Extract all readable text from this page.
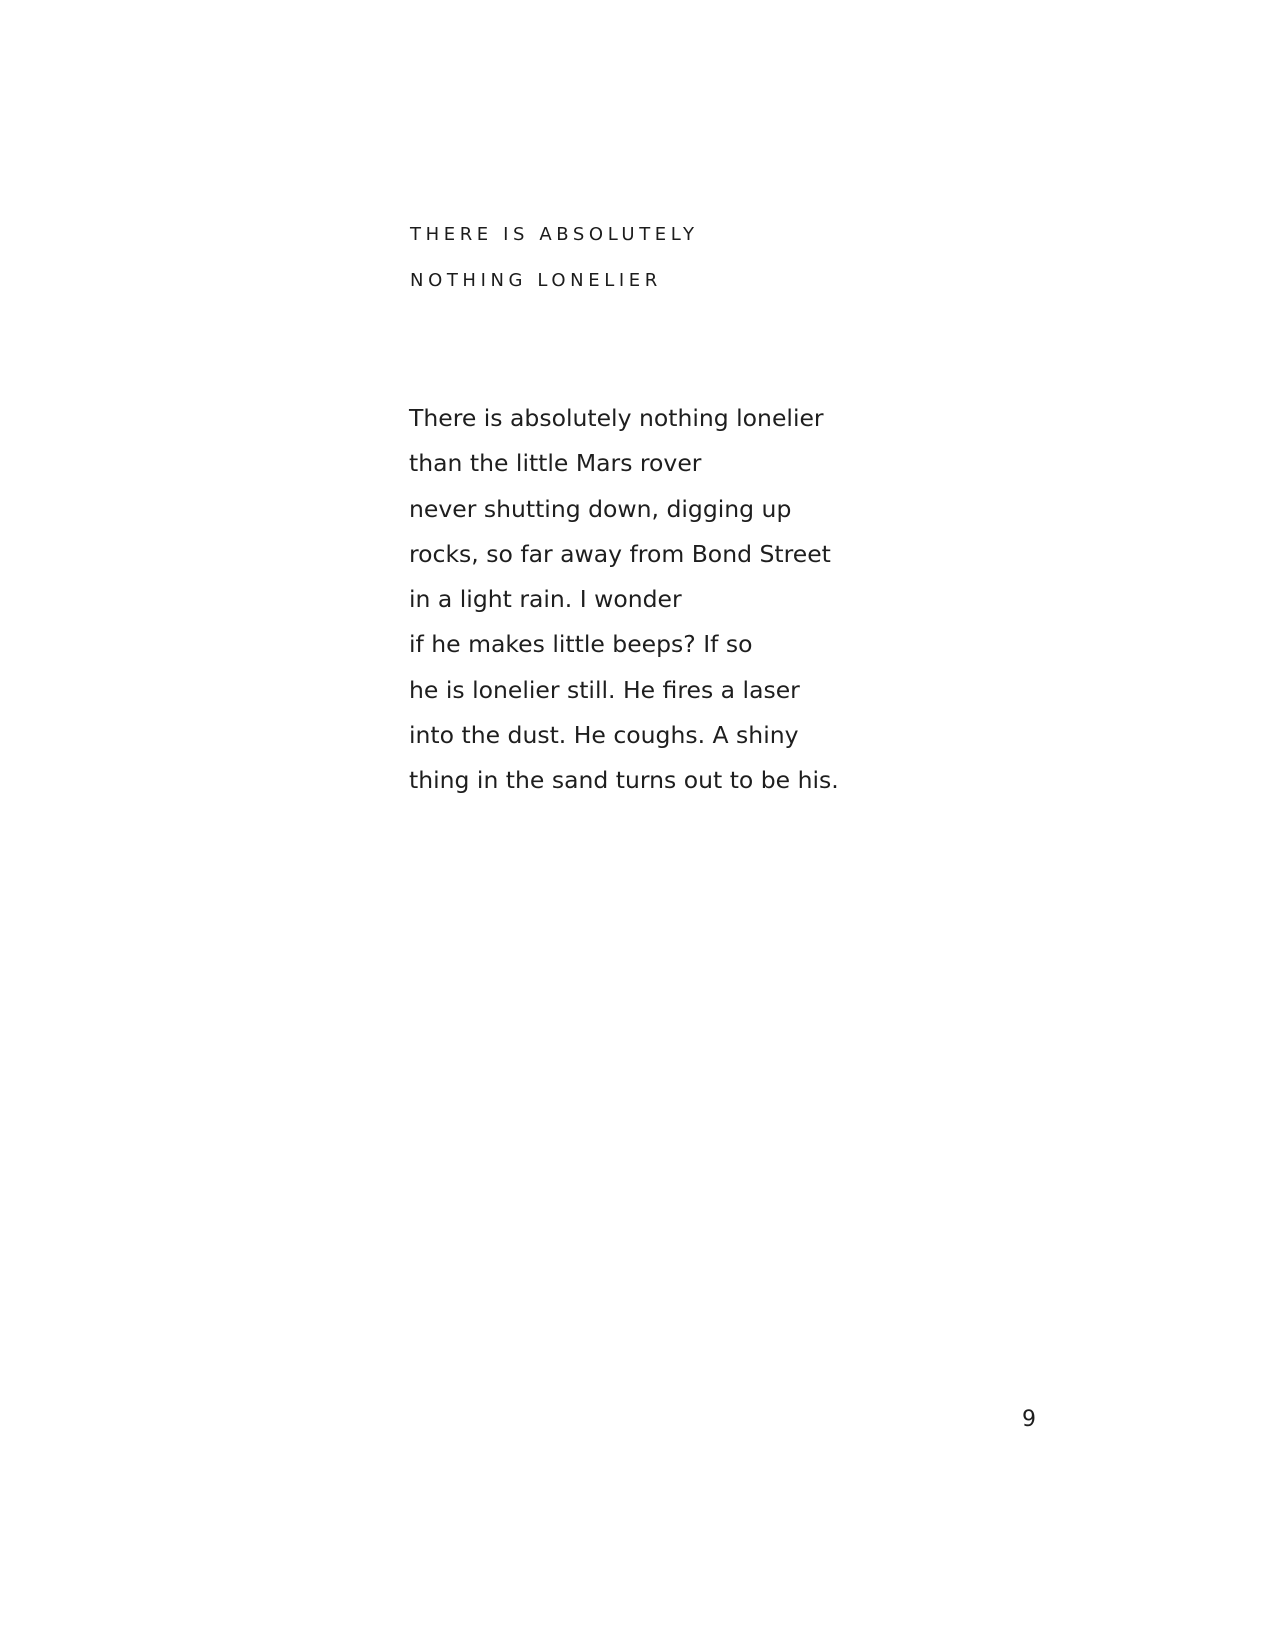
THERE IS ABSOLUTELY
NOTHING LONELIER
There is absolutely nothing lonelier
than the little Mars rover
never shutting down, digging up
rocks, so far away from Bond Street
in a light rain. I wonder
if he makes little beeps? If so
he is lonelier still. He fires a laser
into the dust. He coughs. A shiny
thing in the sand turns out to be his.
9
